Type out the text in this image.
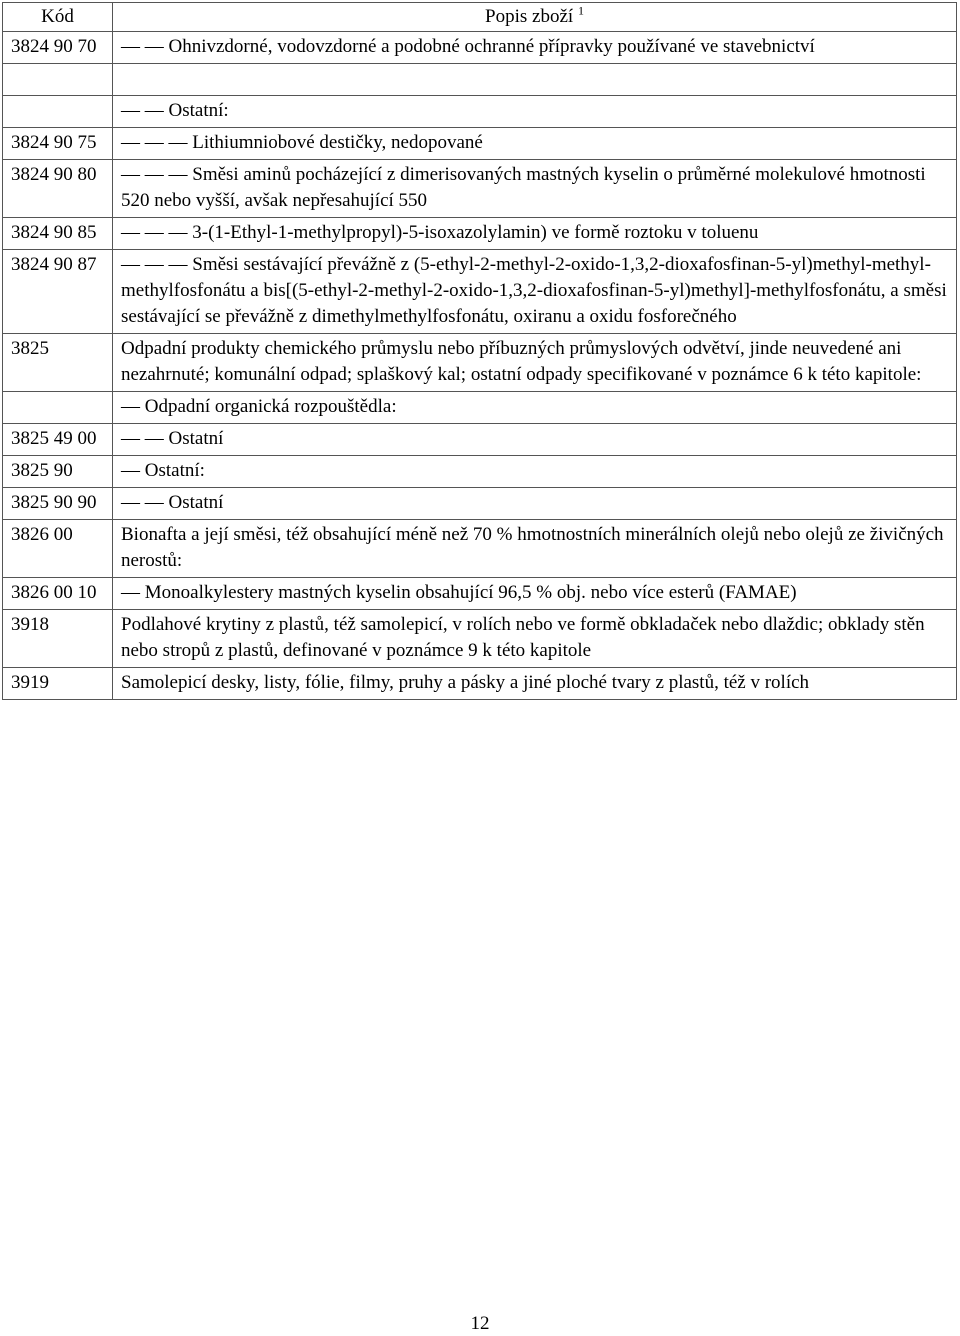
Kód	Popis zboží $^1$
3824 90 70	— — Ohnivzdorné, vodovzdorné a podobné ochranné přípravky používané ve stavebnictví

	— — Ostatní:
3824 90 75	— — — Lithiumniobové destičky, nedopované
3824 90 80	— — — Směsi aminů pocházející z dimerisovaných mastných kyselin o průměrné molekulové hmotnosti 520 nebo vyšší, avšak nepřesahující 550
3824 90 85	— — — 3-(1-Ethyl-1-methylpropyl)-5-isoxazolylamin) ve formě roztoku v toluenu
3824 90 87	— — — Směsi sestávající převážně z (5-ethyl-2-methyl-2-oxido-1,3,2-dioxafosfinan-5-yl)methyl-methyl-methylfosfonátu a bis[(5-ethyl-2-methyl-2-oxido-1,3,2-dioxafosfinan-5-yl)methyl]-methylfosfonátu, a směsi sestávající se převážně z dimethylmethylfosfonátu, oxiranu a oxidu fosforečného
3825	Odpadní produkty chemického průmyslu nebo příbuzných průmyslových odvětví, jinde neuvedené ani nezahrnuté; komunální odpad; splaškový kal; ostatní odpady specifikované v poznámce 6 k této kapitole:
	— Odpadní organická rozpouštědla:
3825 49 00	— — Ostatní
3825 90	— Ostatní:
3825 90 90	— — Ostatní
3826 00	Bionafta a její směsi, též obsahující méně než 70 % hmotnostních minerálních olejů nebo olejů ze živičných nerostů:
3826 00 10	— Monoalkylestery mastných kyselin obsahující 96,5 % obj. nebo více esterů (FAMAE)
3918	Podlahové krytiny z plastů, též samolepicí, v rolích nebo ve formě obkladaček nebo dlaždic; obklady stěn nebo stropů z plastů, definované v poznámce 9 k této kapitole
3919	Samolepicí desky, listy, fólie, filmy, pruhy a pásky a jiné ploché tvary z plastů, též v rolích
12
